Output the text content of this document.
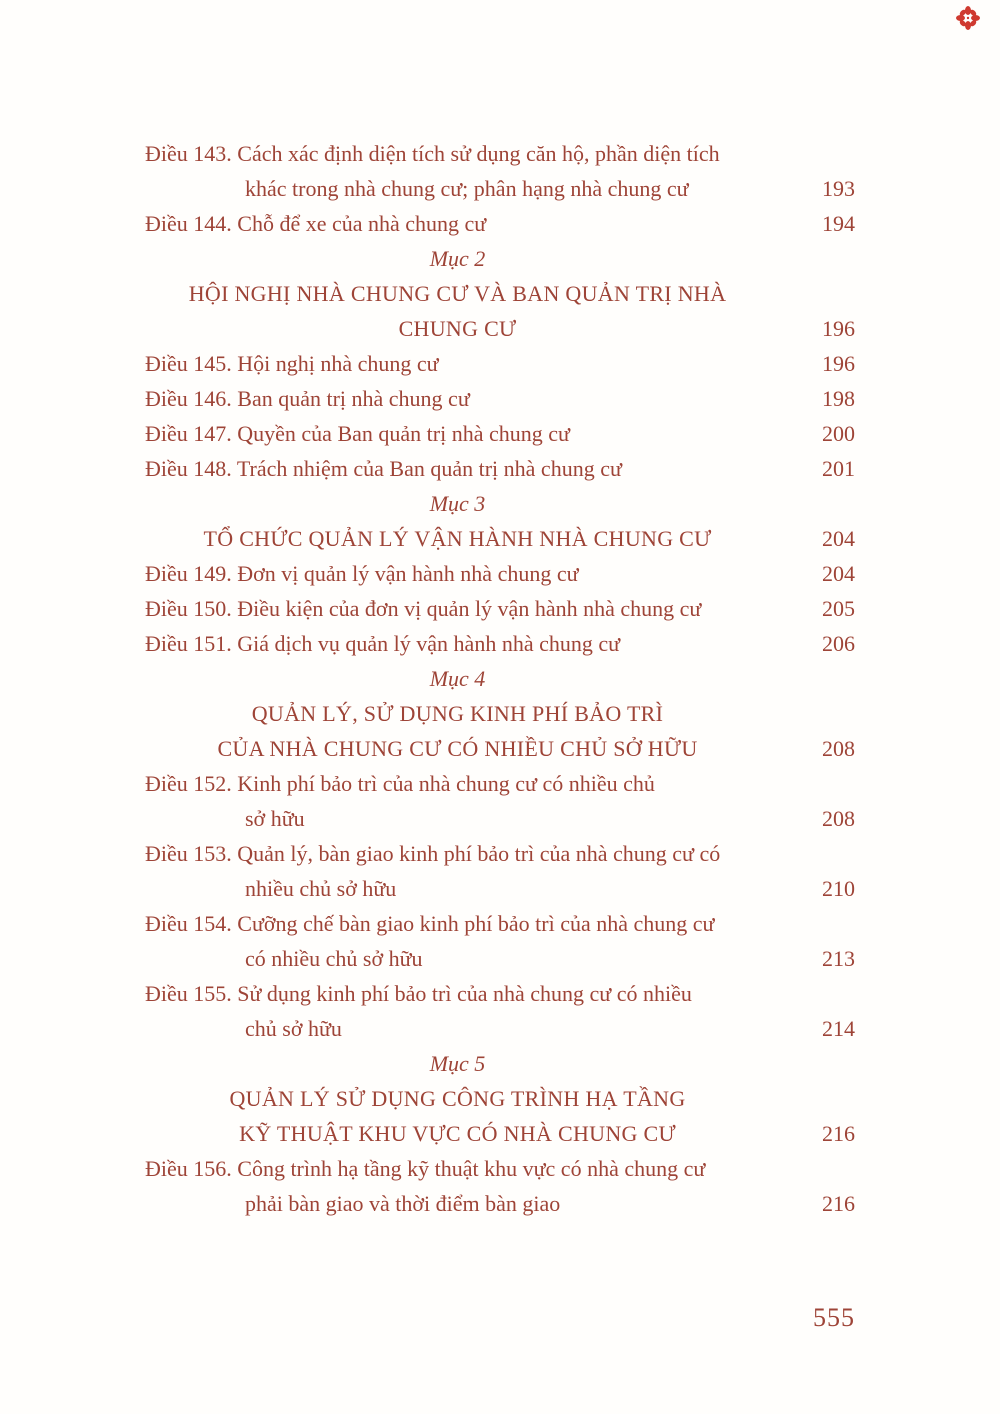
Điều 143. Cách xác định diện tích sử dụng căn hộ, phần diện tích
khác trong nhà chung cư; phân hạng nhà chung cư	193
Điều 144. Chỗ để xe của nhà chung cư	194
Mục 2
HỘI NGHỊ NHÀ CHUNG CƯ VÀ BAN QUẢN TRỊ NHÀ
CHUNG CƯ	196
Điều 145. Hội nghị nhà chung cư	196
Điều 146. Ban quản trị nhà chung cư	198
Điều 147. Quyền của Ban quản trị nhà chung cư	200
Điều 148. Trách nhiệm của Ban quản trị nhà chung cư	201
Mục 3
TỔ CHỨC QUẢN LÝ VẬN HÀNH NHÀ CHUNG CƯ	204
Điều 149. Đơn vị quản lý vận hành nhà chung cư	204
Điều 150. Điều kiện của đơn vị quản lý vận hành nhà chung cư	205
Điều 151. Giá dịch vụ quản lý vận hành nhà chung cư	206
Mục 4
QUẢN LÝ, SỬ DỤNG KINH PHÍ BẢO TRÌ
CỦA NHÀ CHUNG CƯ CÓ NHIỀU CHỦ SỞ HỮU	208
Điều 152. Kinh phí bảo trì của nhà chung cư có nhiều chủ
sở hữu	208
Điều 153. Quản lý, bàn giao kinh phí bảo trì của nhà chung cư có
nhiều chủ sở hữu	210
Điều 154. Cưỡng chế bàn giao kinh phí bảo trì của nhà chung cư
có nhiều chủ sở hữu	213
Điều 155. Sử dụng kinh phí bảo trì của nhà chung cư có nhiều
chủ sở hữu	214
Mục 5
QUẢN LÝ SỬ DỤNG CÔNG TRÌNH HẠ TẦNG
KỸ THUẬT KHU VỰC CÓ NHÀ CHUNG CƯ	216
Điều 156. Công trình hạ tầng kỹ thuật khu vực có nhà chung cư
phải bàn giao và thời điểm bàn giao	216
555
